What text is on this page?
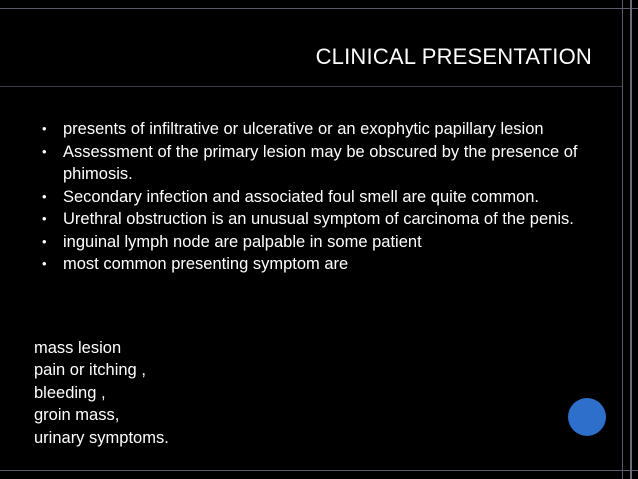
CLINICAL PRESENTATION
• presents of infiltrative or ulcerative or an exophytic papillary lesion
• Assessment of the primary lesion may be obscured by the presence of phimosis.
• Secondary infection and associated foul smell are quite common.
• Urethral obstruction is an unusual symptom of carcinoma of the penis.
• inguinal lymph node are palpable in some patient
• most common presenting symptom are
mass lesion
pain or itching ,
bleeding ,
groin mass,
urinary symptoms.
